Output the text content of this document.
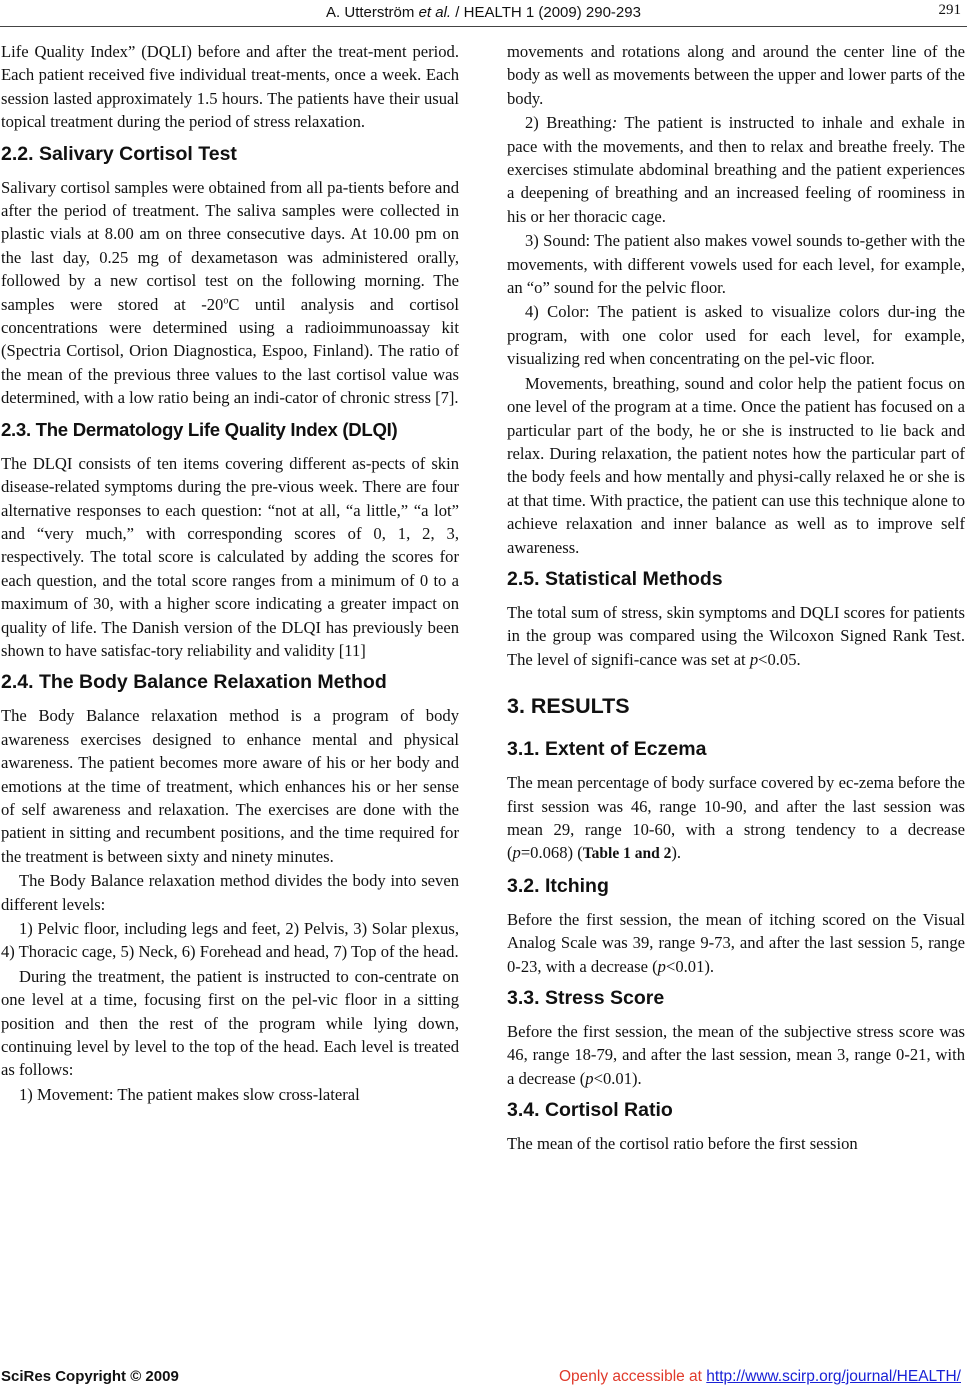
A. Utterström et al. / HEALTH 1 (2009) 290-293	291

Life Quality Index” (DQLI) before and after the treat-ment period. Each patient received five individual treat-ments, once a week. Each session lasted approximately 1.5 hours. The patients have their usual topical treatment during the period of stress relaxation.

2.2. Salivary Cortisol Test

Salivary cortisol samples were obtained from all pa-tients before and after the period of treatment. The saliva samples were collected in plastic vials at 8.00 am on three consecutive days. At 10.00 pm on the last day, 0.25 mg of dexametason was administered orally, followed by a new cortisol test on the following morning. The samples were stored at -20$^o$C until analysis and cortisol concentrations were determined using a radioimmunoassay kit (Spectria Cortisol, Orion Diagnostica, Espoo, Finland). The ratio of the mean of the previous three values to the last cortisol value was determined, with a low ratio being an indi-cator of chronic stress [7].

2.3. The Dermatology Life Quality Index (DLQI)

The DLQI consists of ten items covering different as-pects of skin disease-related symptoms during the pre-vious week. There are four alternative responses to each question: “not at all, “a little,” “a lot” and “very much,” with corresponding scores of 0, 1, 2, 3, respectively. The total score is calculated by adding the scores for each question, and the total score ranges from a minimum of 0 to a maximum of 30, with a higher score indicating a greater impact on quality of life. The Danish version of the DLQI has previously been shown to have satisfac-tory reliability and validity [11]

2.4. The Body Balance Relaxation Method

The Body Balance relaxation method is a program of body awareness exercises designed to enhance mental and physical awareness. The patient becomes more aware of his or her body and emotions at the time of treatment, which enhances his or her sense of self awareness and relaxation. The exercises are done with the patient in sitting and recumbent positions, and the time required for the treatment is between sixty and ninety minutes.

The Body Balance relaxation method divides the body into seven different levels:

1) Pelvic floor, including legs and feet, 2) Pelvis, 3) Solar plexus, 4) Thoracic cage, 5) Neck, 6) Forehead and head, 7) Top of the head.

During the treatment, the patient is instructed to con-centrate on one level at a time, focusing first on the pel-vic floor in a sitting position and then the rest of the program while lying down, continuing level by level to the top of the head. Each level is treated as follows:

1) Movement: The patient makes slow cross-lateral

movements and rotations along and around the center line of the body as well as movements between the upper and lower parts of the body.

2) Breathing: The patient is instructed to inhale and exhale in pace with the movements, and then to relax and breathe freely. The exercises stimulate abdominal breathing and the patient experiences a deepening of breathing and an increased feeling of roominess in his or her thoracic cage.

3) Sound: The patient also makes vowel sounds to-gether with the movements, with different vowels used for each level, for example, an “o” sound for the pelvic floor.

4) Color: The patient is asked to visualize colors dur-ing the program, with one color used for each level, for example, visualizing red when concentrating on the pel-vic floor.

Movements, breathing, sound and color help the patient focus on one level of the program at a time. Once the patient has focused on a particular part of the body, he or she is instructed to lie back and relax. During relaxation, the patient notes how the particular part of the body feels and how mentally and physi-cally relaxed he or she is at that time. With practice, the patient can use this technique alone to achieve relaxation and inner balance as well as to improve self awareness.

2.5. Statistical Methods

The total sum of stress, skin symptoms and DQLI scores for patients in the group was compared using the Wilcoxon Signed Rank Test. The level of signifi-cance was set at p<0.05.

3. RESULTS
3.1. Extent of Eczema

The mean percentage of body surface covered by ec-zema before the first session was 46, range 10-90, and after the last session was mean 29, range 10-60, with a strong tendency to a decrease (p=0.068) (Table 1 and 2).

3.2. Itching

Before the first session, the mean of itching scored on the Visual Analog Scale was 39, range 9-73, and after the last session 5, range 0-23, with a decrease (p<0.01).

3.3. Stress Score

Before the first session, the mean of the subjective stress score was 46, range 18-79, and after the last session, mean 3, range 0-21, with a decrease (p<0.01).

3.4. Cortisol Ratio

The mean of the cortisol ratio before the first session

SciRes Copyright © 2009	Openly accessible at http://www.scirp.org/journal/HEALTH/
